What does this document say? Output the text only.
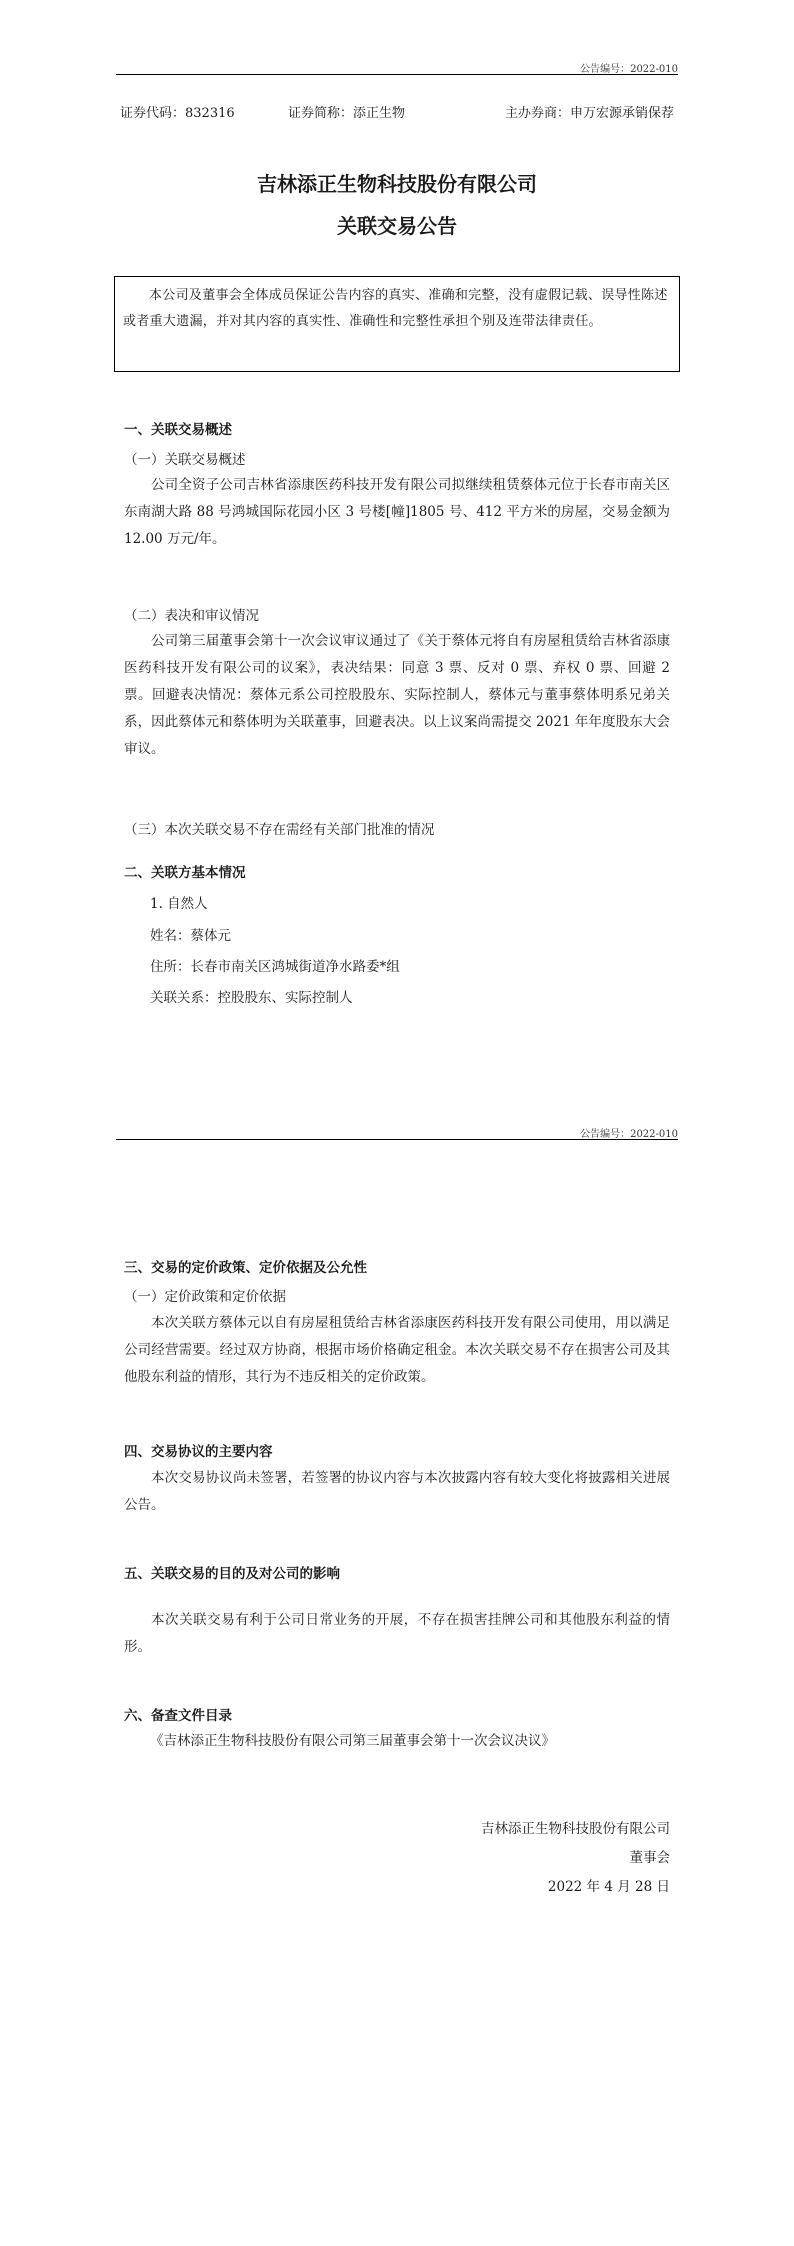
公告编号：2022-010
证券代码：832316	证券简称：添正生物	主办券商：申万宏源承销保荐
吉林添正生物科技股份有限公司
关联交易公告

本公司及董事会全体成员保证公告内容的真实、准确和完整，没有虚假记载、误导性陈述或者重大遗漏，并对其内容的真实性、准确性和完整性承担个别及连带法律责任。

一、关联交易概述
（一）关联交易概述

公司全资子公司吉林省添康医药科技开发有限公司拟继续租赁蔡体元位于长春市南关区东南湖大路 88 号鸿城国际花园小区 3 号楼[幢]1805 号、412 平方米的房屋，交易金额为 12.00 万元/年。

（二）表决和审议情况

公司第三届董事会第十一次会议审议通过了《关于蔡体元将自有房屋租赁给吉林省添康医药科技开发有限公司的议案》，表决结果：同意 3 票、反对 0 票、弃权 0 票、回避 2 票。回避表决情况：蔡体元系公司控股股东、实际控制人，蔡体元与董事蔡体明系兄弟关系，因此蔡体元和蔡体明为关联董事，回避表决。以上议案尚需提交 2021 年年度股东大会审议。

（三）本次关联交易不存在需经有关部门批准的情况
二、关联方基本情况
1. 自然人
姓名：蔡体元
住所：长春市南关区鸿城街道净水路委*组
关联关系：控股股东、实际控制人
公告编号：2022-010
三、交易的定价政策、定价依据及公允性
（一）定价政策和定价依据

本次关联方蔡体元以自有房屋租赁给吉林省添康医药科技开发有限公司使用，用以满足公司经营需要。经过双方协商，根据市场价格确定租金。本次关联交易不存在损害公司及其他股东利益的情形，其行为不违反相关的定价政策。

四、交易协议的主要内容

本次交易协议尚未签署，若签署的协议内容与本次披露内容有较大变化将披露相关进展公告。

五、关联交易的目的及对公司的影响

本次关联交易有利于公司日常业务的开展，不存在损害挂牌公司和其他股东利益的情形。

六、备查文件目录
《吉林添正生物科技股份有限公司第三届董事会第十一次会议决议》
吉林添正生物科技股份有限公司
董事会
2022 年 4 月 28 日
